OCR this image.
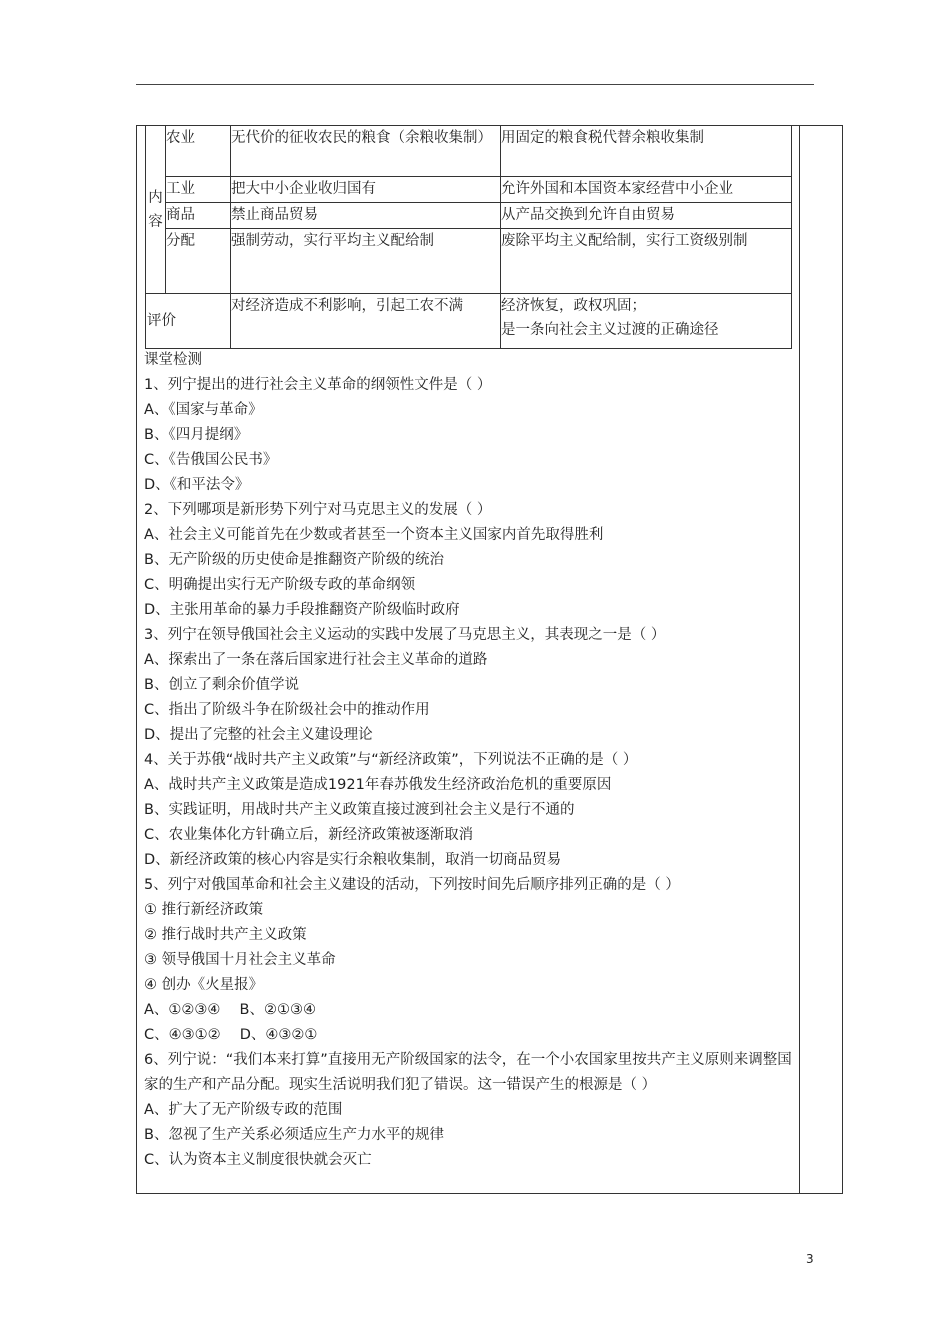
内容	农业	无代价的征收农民的粮食（余粮收集制）	用固定的粮食税代替余粮收集制
	工业	把大中小企业收归国有	允许外国和本国资本家经营中小企业
	商品	禁止商品贸易	从产品交换到允许自由贸易
	分配	强制劳动，实行平均主义配给制	废除平均主义配给制，实行工资级别制
评价		对经济造成不利影响，引起工农不满	经济恢复，政权巩固；
是一条向社会主义过渡的正确途径
课堂检测
1、列宁提出的进行社会主义革命的纲领性文件是（ ）
A、《国家与革命》
B、《四月提纲》
C、《告俄国公民书》
D、《和平法令》
2、下列哪项是新形势下列宁对马克思主义的发展（ ）
A、社会主义可能首先在少数或者甚至一个资本主义国家内首先取得胜利
B、无产阶级的历史使命是推翻资产阶级的统治
C、明确提出实行无产阶级专政的革命纲领
D、主张用革命的暴力手段推翻资产阶级临时政府
3、列宁在领导俄国社会主义运动的实践中发展了马克思主义，其表现之一是（ ）
A、探索出了一条在落后国家进行社会主义革命的道路
B、创立了剩余价值学说
C、指出了阶级斗争在阶级社会中的推动作用
D、提出了完整的社会主义建设理论
4、关于苏俄“战时共产主义政策”与“新经济政策”，下列说法不正确的是（ ）
A、战时共产主义政策是造成1921年春苏俄发生经济政治危机的重要原因
B、实践证明，用战时共产主义政策直接过渡到社会主义是行不通的
C、农业集体化方针确立后，新经济政策被逐渐取消
D、新经济政策的核心内容是实行余粮收集制，取消一切商品贸易
5、列宁对俄国革命和社会主义建设的活动，下列按时间先后顺序排列正确的是（ ）
① 推行新经济政策
② 推行战时共产主义政策
③ 领导俄国十月社会主义革命
④ 创办《火星报》
A、①②③④　 B、②①③④
C、④③①②　 D、④③②①
6、列宁说：“我们本来打算”直接用无产阶级国家的法令，在一个小农国家里按共产主义原则来调整国家的生产和产品分配。现实生活说明我们犯了错误。这一错误产生的根源是（ ）
A、扩大了无产阶级专政的范围
B、忽视了生产关系必须适应生产力水平的规律
C、认为资本主义制度很快就会灭亡
3
